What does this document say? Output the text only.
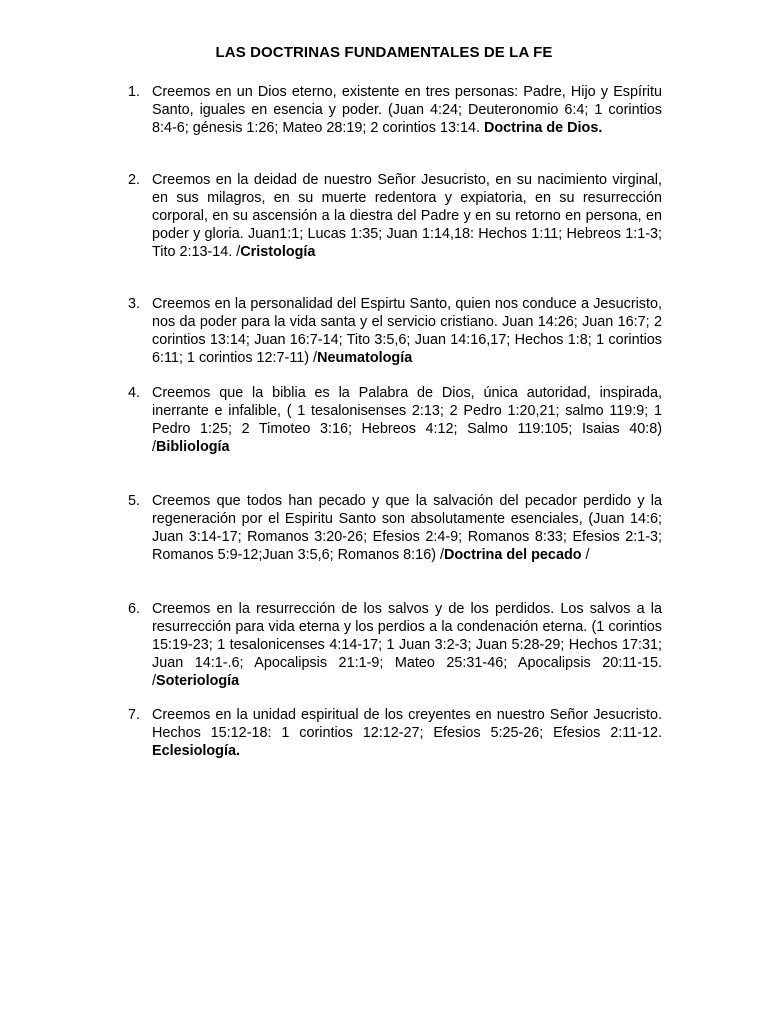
LAS DOCTRINAS FUNDAMENTALES DE LA FE
1. Creemos en un Dios eterno, existente en tres personas: Padre, Hijo y Espíritu Santo, iguales en esencia y poder. (Juan 4:24; Deuteronomio 6:4; 1 corintios 8:4-6; génesis 1:26; Mateo 28:19; 2 corintios 13:14. Doctrina de Dios.

2. Creemos en la deidad de nuestro Señor Jesucristo, en su nacimiento virginal, en sus milagros, en su muerte redentora y expiatoria, en su resurrección corporal, en su ascensión a la diestra del Padre y en su retorno en persona, en poder y gloria. Juan1:1; Lucas 1:35; Juan 1:14,18: Hechos 1:11; Hebreos 1:1-3; Tito 2:13-14. /Cristología

3. Creemos en la personalidad del Espirtu Santo, quien nos conduce a Jesucristo, nos da poder para la vida santa y el servicio cristiano. Juan 14:26; Juan 16:7; 2 corintios 13:14; Juan 16:7-14; Tito 3:5,6; Juan 14:16,17; Hechos 1:8; 1 corintios 6:11; 1 corintios 12:7-11) /Neumatología

4. Creemos que la biblia es la Palabra de Dios, única autoridad, inspirada, inerrante e infalible, ( 1 tesalonisenses 2:13; 2 Pedro 1:20,21; salmo 119:9; 1 Pedro 1:25; 2 Timoteo 3:16; Hebreos 4:12; Salmo 119:105; Isaias 40:8) /Bibliología

5. Creemos que todos han pecado y que la salvación del pecador perdido y la regeneración por el Espiritu Santo son absolutamente esenciales, (Juan 14:6; Juan 3:14-17; Romanos 3:20-26; Efesios 2:4-9; Romanos 8:33; Efesios 2:1-3; Romanos 5:9-12;Juan 3:5,6; Romanos 8:16) /Doctrina del pecado /

6. Creemos en la resurrección de los salvos y de los perdidos. Los salvos a la resurrección para vida eterna y los perdios a la condenación eterna. (1 corintios 15:19-23; 1 tesalonicenses 4:14-17; 1 Juan 3:2-3; Juan 5:28-29; Hechos 17:31; Juan 14:1-.6; Apocalipsis 21:1-9; Mateo 25:31-46; Apocalipsis 20:11-15. /Soteriología

7. Creemos en la unidad espiritual de los creyentes en nuestro Señor Jesucristo. Hechos 15:12-18: 1 corintios 12:12-27; Efesios 5:25-26; Efesios 2:11-12. Eclesiología.
